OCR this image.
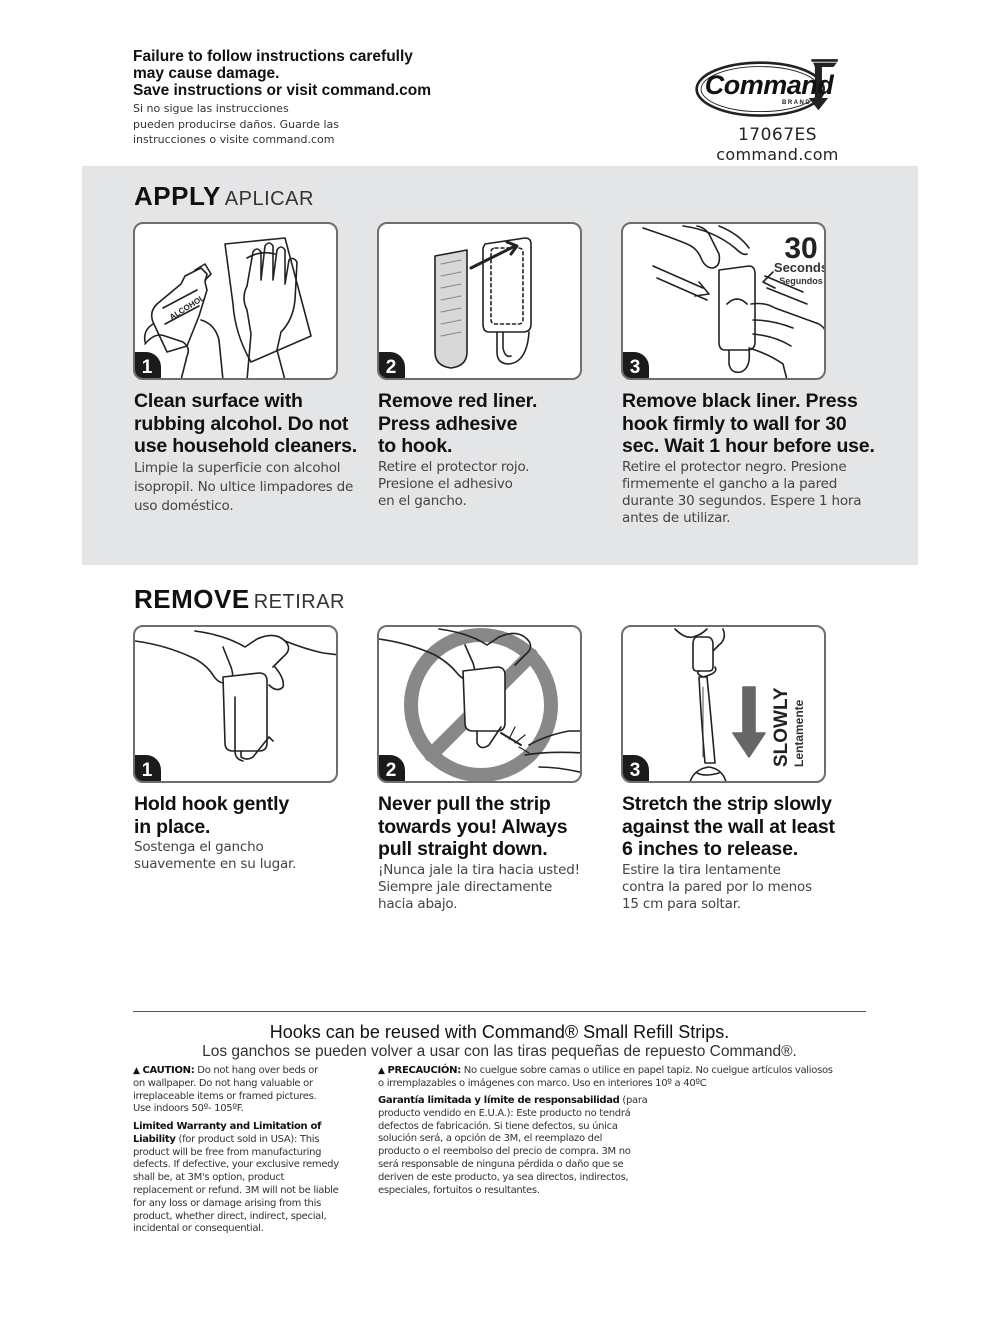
Failure to follow instructions carefully
may cause damage.
Save instructions or visit command.com
Si no sigue las instrucciones
pueden producirse daños. Guarde las
instrucciones o visite command.com
Command
BRAND
17067ES
command.com
APPLY APLICAR
ALCOHOL
1	2
30
Seconds
Segundos
3
Clean surface with
rubbing alcohol. Do not
use household cleaners.
Limpie la superficie con alcohol
isopropil. No ultice limpadores de
uso doméstico.
Remove red liner.
Press adhesive
to hook.
Retire el protector rojo.
Presione el adhesivo
en el gancho.
Remove black liner. Press
hook firmly to wall for 30
sec. Wait 1 hour before use.
Retire el protector negro. Presione
firmemente el gancho a la pared
durante 30 segundos. Espere 1 hora
antes de utilizar.
REMOVE RETIRAR
1	2
SLOWLY Lentamente
3
Hold hook gently
in place.
Sostenga el gancho
suavemente en su lugar.
Never pull the strip
towards you! Always
pull straight down.
¡Nunca jale la tira hacia usted!
Siempre jale directamente
hacia abajo.
Stretch the strip slowly
against the wall at least
6 inches to release.
Estire la tira lentamente
contra la pared por lo menos
15 cm para soltar.
Hooks can be reused with Command® Small Refill Strips.
Los ganchos se pueden volver a usar con las tiras pequeñas de repuesto Command®.
▲ CAUTION: Do not hang over beds or
on wallpaper. Do not hang valuable or
irreplaceable items or framed pictures.
Use indoors 50º- 105ºF.
Limited Warranty and Limitation of
Liability (for product sold in USA): This
product will be free from manufacturing
defects. If defective, your exclusive remedy
shall be, at 3M's option, product
replacement or refund. 3M will not be liable
for any loss or damage arising from this
product, whether direct, indirect, special,
incidental or consequential.
▲ PRECAUCIÓN: No cuelgue sobre camas o utilice en papel tapiz. No cuelgue artículos valiosos
o irremplazables o imágenes con marco. Uso en interiores 10º a 40ºC
Garantía limitada y límite de responsabilidad (para
producto vendido en E.U.A.): Este producto no tendrá
defectos de fabricación. Si tiene defectos, su única
solución será, a opción de 3M, el reemplazo del
producto o el reembolso del precio de compra. 3M no
será responsable de ninguna pérdida o daño que se
deriven de este producto, ya sea directos, indirectos,
especiales, fortuitos o resultantes.
